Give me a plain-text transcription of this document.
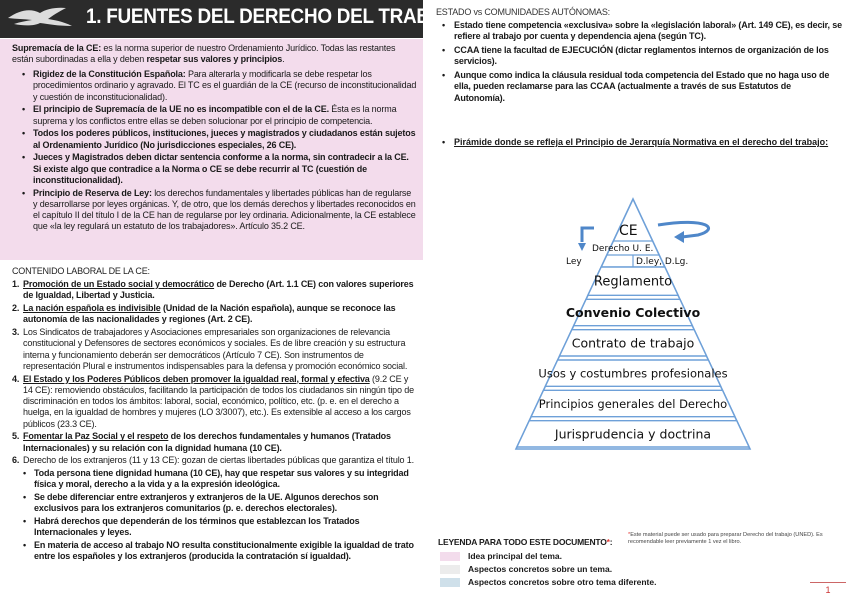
1. FUENTES DEL DERECHO DEL TRABAJO
Supremacía de la CE: es la norma superior de nuestro Ordenamiento Jurídico. Todas las restantes están subordinadas a ella y deben respetar sus valores y principios.
• Rigidez de la Constitución Española: Para alterarla y modificarla se debe respetar los procedimientos ordinario y agravado. El TC es el guardián de la CE (recurso de inconstitucionalidad y cuestión de inconstitucionalidad).
• El principio de Supremacía de la UE no es incompatible con el de la CE. Ésta es la norma suprema y los conflictos entre ellas se deben solucionar por el principio de competencia.
• Todos los poderes públicos, instituciones, jueces y magistrados y ciudadanos están sujetos al Ordenamiento Jurídico (No jurisdicciones especiales, 26 CE).
• Jueces y Magistrados deben dictar sentencia conforme a la norma, sin contradecir a la CE. Si existe algo que contradice a la Norma o CE se debe recurrir al TC (cuestión de inconstitucionalidad).
• Principio de Reserva de Ley: los derechos fundamentales y libertades públicas han de regularse y desarrollarse por leyes orgánicas. Y, de otro, que los demás derechos y libertades reconocidos en el capítulo II del título I de la CE han de regularse por ley ordinaria. Adicionalmente, la CE establece que «la ley regulará un estatuto de los trabajadores». Artículo 35.2 CE.
CONTENIDO LABORAL DE LA CE:
1. Promoción de un Estado social y democrático de Derecho (Art. 1.1 CE) con valores superiores de Igualdad, Libertad y Justicia.
2. La nación española es indivisible (Unidad de la Nación española), aunque se reconoce las autonomía de las nacionalidades y regiones (Art. 2 CE).
3. Los Sindicatos de trabajadores y Asociaciones empresariales son organizaciones de relevancia constitucional y Defensores de sectores económicos y sociales. Es de libre creación y su estructura interna y funcionamiento deberán ser democráticos (Artículo 7 CE). Son instrumentos de representación Plural e instrumentos indispensables para la defensa y promoción económico social.
4. El Estado y los Poderes Públicos deben promover la igualdad real, formal y efectiva (9.2 CE y 14 CE): removiendo obstáculos, facilitando la participación de todos los ciudadanos sin ningún tipo de discriminación en todos los ámbitos: laboral, social, económico, político, etc. (p. e. en el derecho a huelga, en la igualdad de hombres y mujeres (LO 3/3007), etc.). Es extensible al acceso a los cargos públicos (23.3 CE).
5. Fomentar la Paz Social y el respeto de los derechos fundamentales y humanos (Tratados Internacionales) y su relación con la dignidad humana (10 CE).
6. Derecho de los extranjeros (11 y 13 CE): gozan de ciertas libertades públicas que garantiza el título 1.
• Toda persona tiene dignidad humana (10 CE), hay que respetar sus valores y su integridad física y moral, derecho a la vida y a la expresión ideológica.
• Se debe diferenciar entre extranjeros y extranjeros de la UE. Algunos derechos son exclusivos para los extranjeros comunitarios (p. e. derechos electorales).
• Habrá derechos que dependerán de los términos que establezcan los Tratados Internacionales y leyes.
• En materia de acceso al trabajo NO resulta constitucionalmente exigible la igualdad de trato entre los españoles y los extranjeros (producida la contratación sí igualdad).
ESTADO vs COMUNIDADES AUTÓNOMAS:
• Estado tiene competencia «exclusiva» sobre la «legislación laboral» (Art. 149 CE), es decir, se refiere al trabajo por cuenta y dependencia ajena (según TC).
• CCAA tiene la facultad de EJECUCIÓN (dictar reglamentos internos de organización de los servicios).
• Aunque como indica la cláusula residual toda competencia del Estado que no haga uso de ella, pueden reclamarse para las CCAA (actualmente a través de sus Estatutos de Autonomía).
• Pirámide donde se refleja el Principio de Jerarquía Normativa en el derecho del trabajo:
CE
Derecho U. E.
Ley	D.ley, D.Lg.
Reglamento
Convenio Colectivo
Contrato de trabajo
Usos y costumbres profesionales
Principios generales del Derecho
Jurisprudencia y doctrina
LEYENDA PARA TODO ESTE DOCUMENTO*:
*Este material puede ser usado para preparar Derecho del trabajo (UNED). Es recomendable leer previamente 1 vez el libro.
Idea principal del tema.
Aspectos concretos sobre un tema.
Aspectos concretos sobre otro tema diferente.
1
